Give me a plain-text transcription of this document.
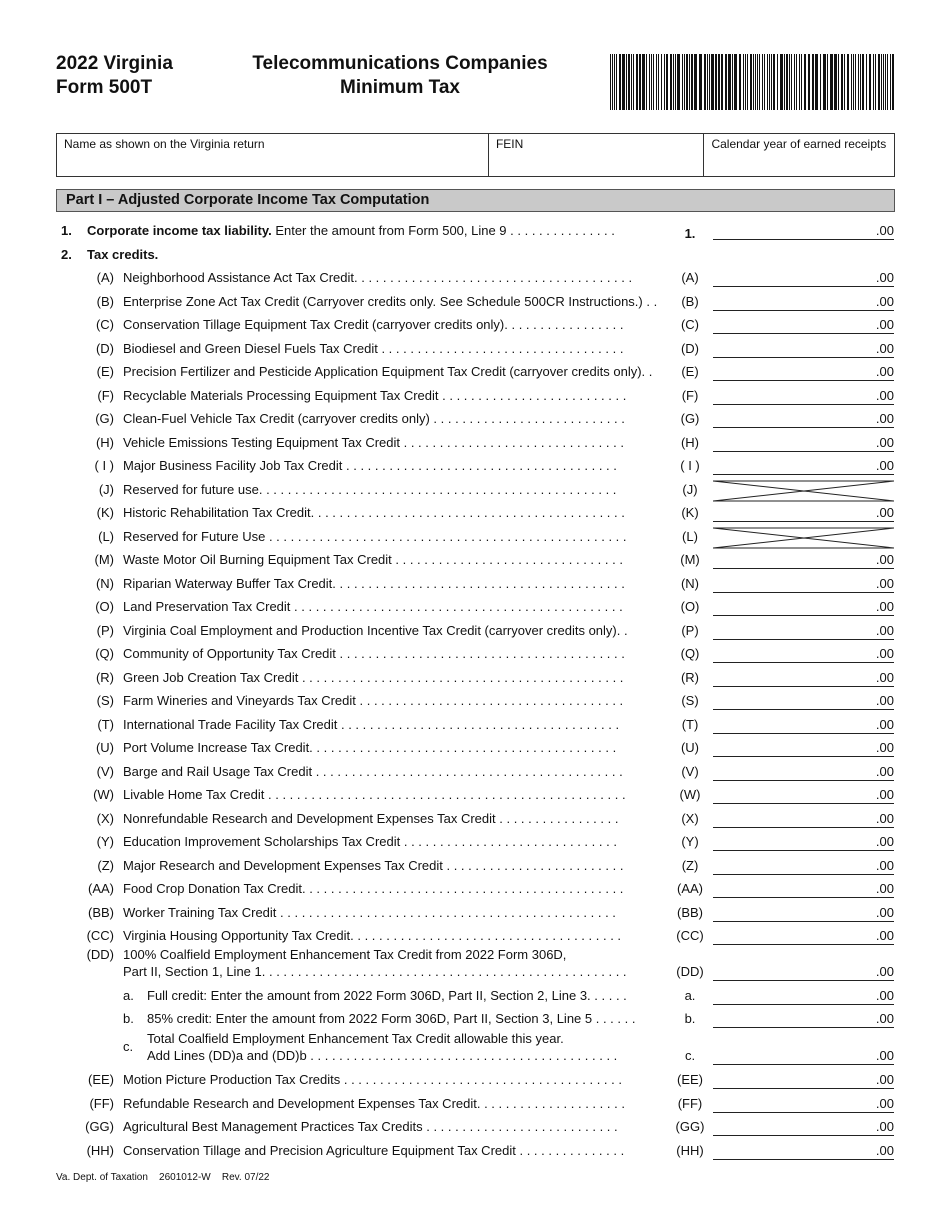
2022 Virginia
Form 500T
Telecommunications Companies
Minimum Tax
Name as shown on the Virginia return	FEIN	Calendar year of earned receipts
Part I – Adjusted Corporate Income Tax Computation
1. Corporate income tax liability. Enter the amount from Form 500, Line 9 . . . . . . . . . . . . . . .	1.	.00
2. Tax credits.
(A) Neighborhood Assistance Act Tax Credit. . . . . . . . . . . . . . . . . . . . . . . . . . . . . . . . . . . . . . .	(A)	.00
(B) Enterprise Zone Act Tax Credit (Carryover credits only. See Schedule 500CR Instructions.) . .	(B)	.00
(C) Conservation Tillage Equipment Tax Credit (carryover credits only). . . . . . . . . . . . . . . . .	(C)	.00
(D) Biodiesel and Green Diesel Fuels Tax Credit . . . . . . . . . . . . . . . . . . . . . . . . . . . . . . . . . .	(D)	.00
(E) Precision Fertilizer and Pesticide Application Equipment Tax Credit (carryover credits only). .	(E)	.00
(F) Recyclable Materials Processing Equipment Tax Credit . . . . . . . . . . . . . . . . . . . . . . . . . .	(F)	.00
(G) Clean-Fuel Vehicle Tax Credit (carryover credits only) . . . . . . . . . . . . . . . . . . . . . . . . . . .	(G)	.00
(H) Vehicle Emissions Testing Equipment Tax Credit . . . . . . . . . . . . . . . . . . . . . . . . . . . . . . .	(H)	.00
( I ) Major Business Facility Job Tax Credit . . . . . . . . . . . . . . . . . . . . . . . . . . . . . . . . . . . . . .	( I )	.00
(J) Reserved for future use. . . . . . . . . . . . . . . . . . . . . . . . . . . . . . . . . . . . . . . . . . . . . . . . . .	(J)
(K) Historic Rehabilitation Tax Credit. . . . . . . . . . . . . . . . . . . . . . . . . . . . . . . . . . . . . . . . . . . .	(K)	.00
(L) Reserved for Future Use . . . . . . . . . . . . . . . . . . . . . . . . . . . . . . . . . . . . . . . . . . . . . . . . . .	(L)
(M) Waste Motor Oil Burning Equipment Tax Credit . . . . . . . . . . . . . . . . . . . . . . . . . . . . . . . .	(M)	.00
(N) Riparian Waterway Buffer Tax Credit. . . . . . . . . . . . . . . . . . . . . . . . . . . . . . . . . . . . . . . . .	(N)	.00
(O) Land Preservation Tax Credit . . . . . . . . . . . . . . . . . . . . . . . . . . . . . . . . . . . . . . . . . . . . . .	(O)	.00
(P) Virginia Coal Employment and Production Incentive Tax Credit (carryover credits only). .	(P)	.00
(Q) Community of Opportunity Tax Credit . . . . . . . . . . . . . . . . . . . . . . . . . . . . . . . . . . . . . . . .	(Q)	.00
(R) Green Job Creation Tax Credit . . . . . . . . . . . . . . . . . . . . . . . . . . . . . . . . . . . . . . . . . . . . .	(R)	.00
(S) Farm Wineries and Vineyards Tax Credit . . . . . . . . . . . . . . . . . . . . . . . . . . . . . . . . . . . . .	(S)	.00
(T) International Trade Facility Tax Credit . . . . . . . . . . . . . . . . . . . . . . . . . . . . . . . . . . . . . . .	(T)	.00
(U) Port Volume Increase Tax Credit. . . . . . . . . . . . . . . . . . . . . . . . . . . . . . . . . . . . . . . . . . .	(U)	.00
(V) Barge and Rail Usage Tax Credit . . . . . . . . . . . . . . . . . . . . . . . . . . . . . . . . . . . . . . . . . . .	(V)	.00
(W) Livable Home Tax Credit . . . . . . . . . . . . . . . . . . . . . . . . . . . . . . . . . . . . . . . . . . . . . . . . . .	(W)	.00
(X) Nonrefundable Research and Development Expenses Tax Credit . . . . . . . . . . . . . . . . .	(X)	.00
(Y) Education Improvement Scholarships Tax Credit . . . . . . . . . . . . . . . . . . . . . . . . . . . . . .	(Y)	.00
(Z) Major Research and Development Expenses Tax Credit . . . . . . . . . . . . . . . . . . . . . . . . .	(Z)	.00
(AA) Food Crop Donation Tax Credit. . . . . . . . . . . . . . . . . . . . . . . . . . . . . . . . . . . . . . . . . . . . .	(AA)	.00
(BB) Worker Training Tax Credit . . . . . . . . . . . . . . . . . . . . . . . . . . . . . . . . . . . . . . . . . . . . . . .	(BB)	.00
(CC) Virginia Housing Opportunity Tax Credit. . . . . . . . . . . . . . . . . . . . . . . . . . . . . . . . . . . . . .	(CC)	.00
(DD) 100% Coalfield Employment Enhancement Tax Credit from 2022 Form 306D,
Part II, Section 1, Line 1. . . . . . . . . . . . . . . . . . . . . . . . . . . . . . . . . . . . . . . . . . . . . . . . . . .	(DD)	.00
a. Full credit: Enter the amount from 2022 Form 306D, Part II, Section 2, Line 3. . . . . .	a.	.00
b. 85% credit: Enter the amount from 2022 Form 306D, Part II, Section 3, Line 5 . . . . . .	b.	.00
c.
Total Coalfield Employment Enhancement Tax Credit allowable this year.
Add Lines (DD)a and (DD)b . . . . . . . . . . . . . . . . . . . . . . . . . . . . . . . . . . . . . . . . . . .	c.	.00
(EE) Motion Picture Production Tax Credits . . . . . . . . . . . . . . . . . . . . . . . . . . . . . . . . . . . . . . .	(EE)	.00
(FF) Refundable Research and Development Expenses Tax Credit. . . . . . . . . . . . . . . . . . . . .	(FF)	.00
(GG) Agricultural Best Management Practices Tax Credits . . . . . . . . . . . . . . . . . . . . . . . . . . .	(GG)	.00
(HH) Conservation Tillage and Precision Agriculture Equipment Tax Credit . . . . . . . . . . . . . . .	(HH)	.00
Va. Dept. of Taxation 2601012-W Rev. 07/22
